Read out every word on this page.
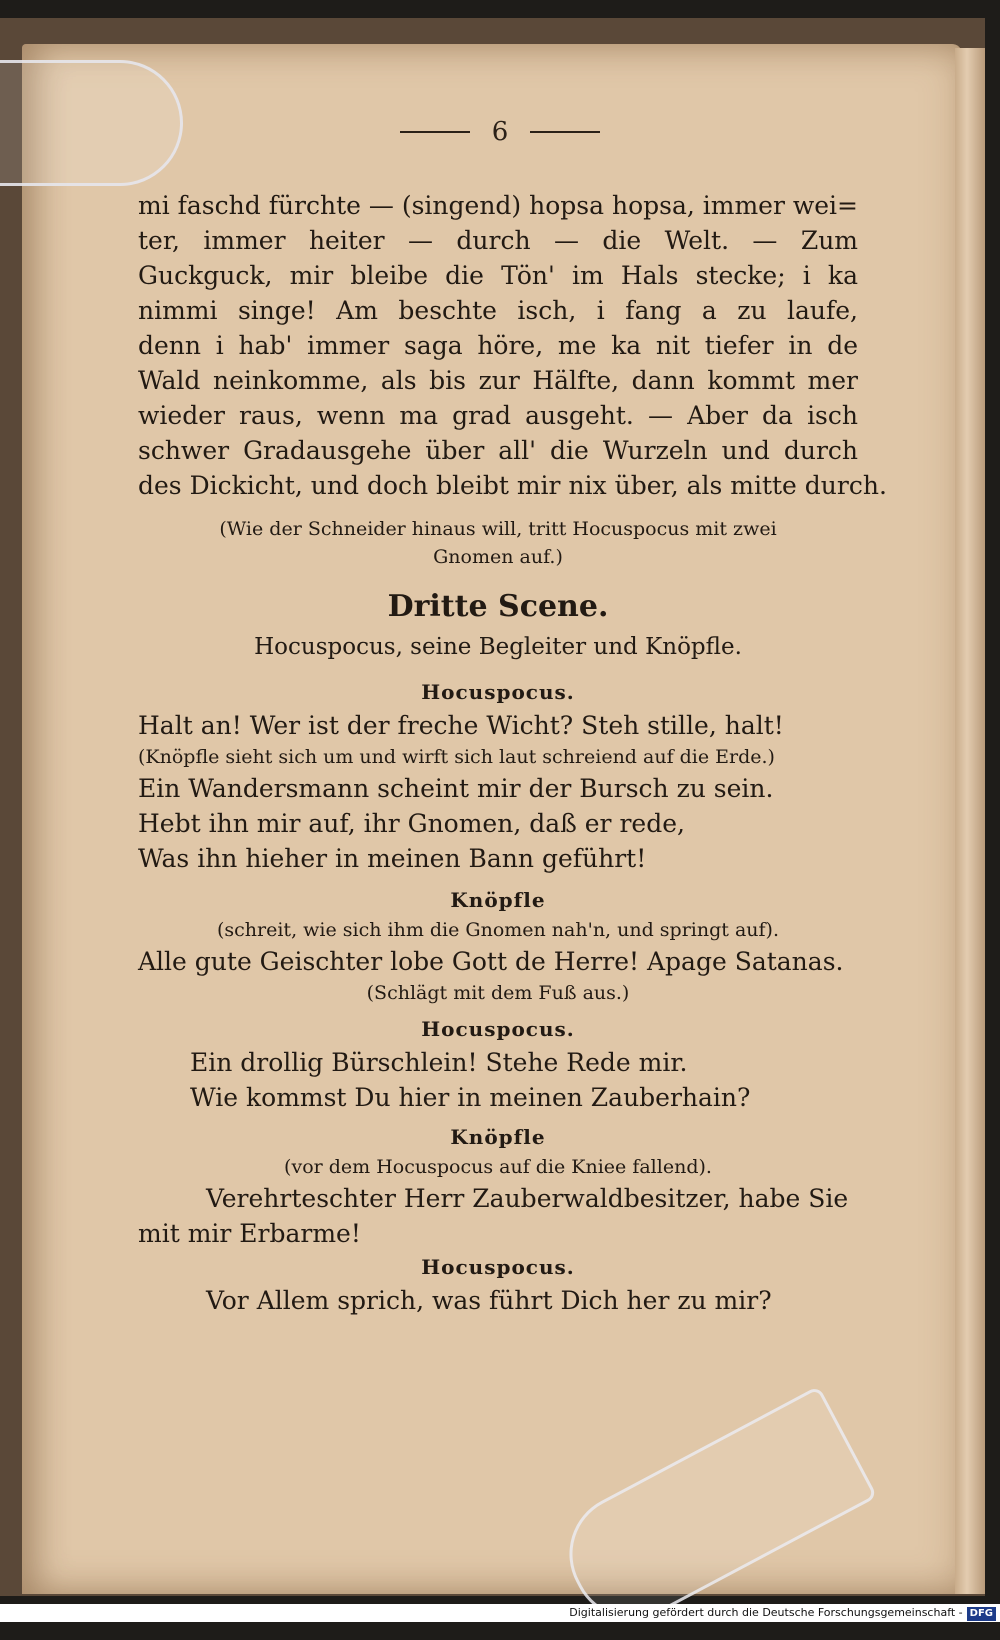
6
mi faschd fürchte — (singend) hopsa hopsa, immer wei=
ter, immer heiter — durch — die Welt. — Zum
Guckguck, mir bleibe die Tön' im Hals stecke; i ka
nimmi singe! Am beschte isch, i fang a zu laufe,
denn i hab' immer saga höre, me ka nit tiefer in de
Wald neinkomme, als bis zur Hälfte, dann kommt mer
wieder raus, wenn ma grad ausgeht. — Aber da isch
schwer Gradausgehe über all' die Wurzeln und durch
des Dickicht, und doch bleibt mir nix über, als mitte durch.
(Wie der Schneider hinaus will, tritt Hocuspocus mit zwei
Gnomen auf.)
Dritte Scene.
Hocuspocus, seine Begleiter und Knöpfle.
Hocuspocus.
Halt an! Wer ist der freche Wicht? Steh stille, halt!
(Knöpfle sieht sich um und wirft sich laut schreiend auf die Erde.)
Ein Wandersmann scheint mir der Bursch zu sein.
Hebt ihn mir auf, ihr Gnomen, daß er rede,
Was ihn hieher in meinen Bann geführt!
Knöpfle
(schreit, wie sich ihm die Gnomen nah'n, und springt auf).
Alle gute Geischter lobe Gott de Herre! Apage Satanas.
(Schlägt mit dem Fuß aus.)
Hocuspocus.
Ein drollig Bürschlein! Stehe Rede mir.
Wie kommst Du hier in meinen Zauberhain?
Knöpfle
(vor dem Hocuspocus auf die Kniee fallend).
Verehrteschter Herr Zauberwaldbesitzer, habe Sie
mit mir Erbarme!
Hocuspocus.
Vor Allem sprich, was führt Dich her zu mir?
Digitalisierung gefördert durch die Deutsche Forschungsgemeinschaft - DFG
